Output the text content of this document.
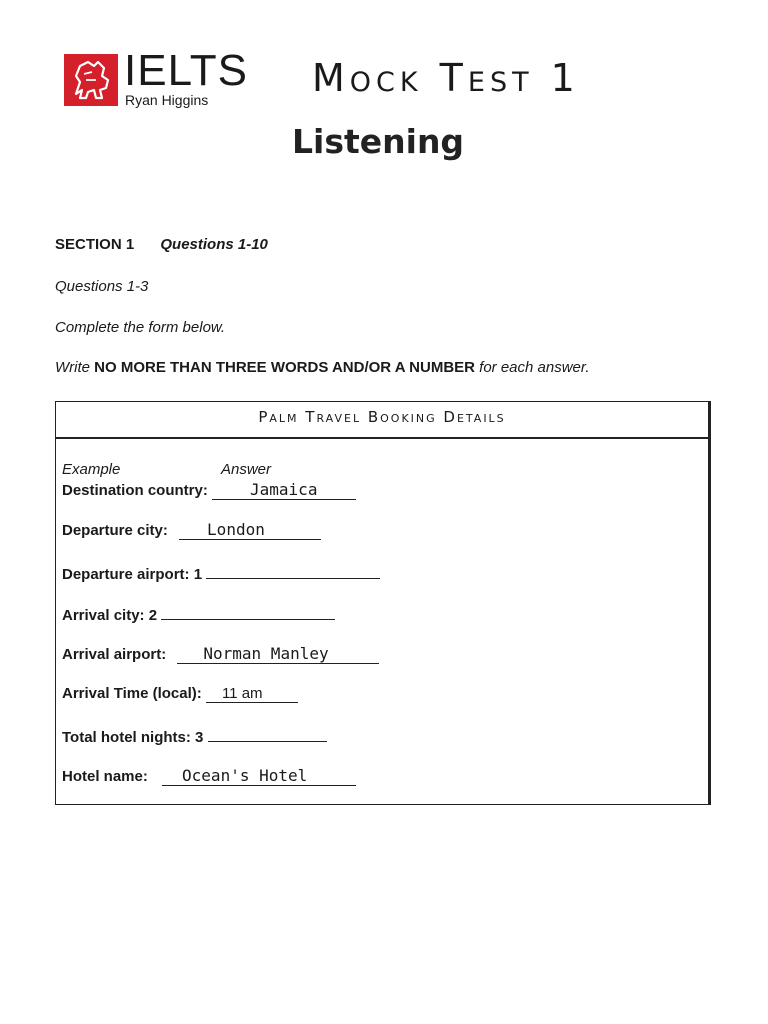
IELTS
Ryan Higgins	Mock Test 1
Listening
SECTION 1 Questions 1-10
Questions 1-3
Complete the form below.
Write NO MORE THAN THREE WORDS AND/OR A NUMBER for each answer.
Palm Travel Booking Details
Example	Answer
Destination country:	Jamaica
Departure city: London
Departure airport: 1
Arrival city: 2
Arrival airport: Norman Manley
Arrival Time (local): 11 am
Total hotel nights: 3
Hotel name: Ocean's Hotel
